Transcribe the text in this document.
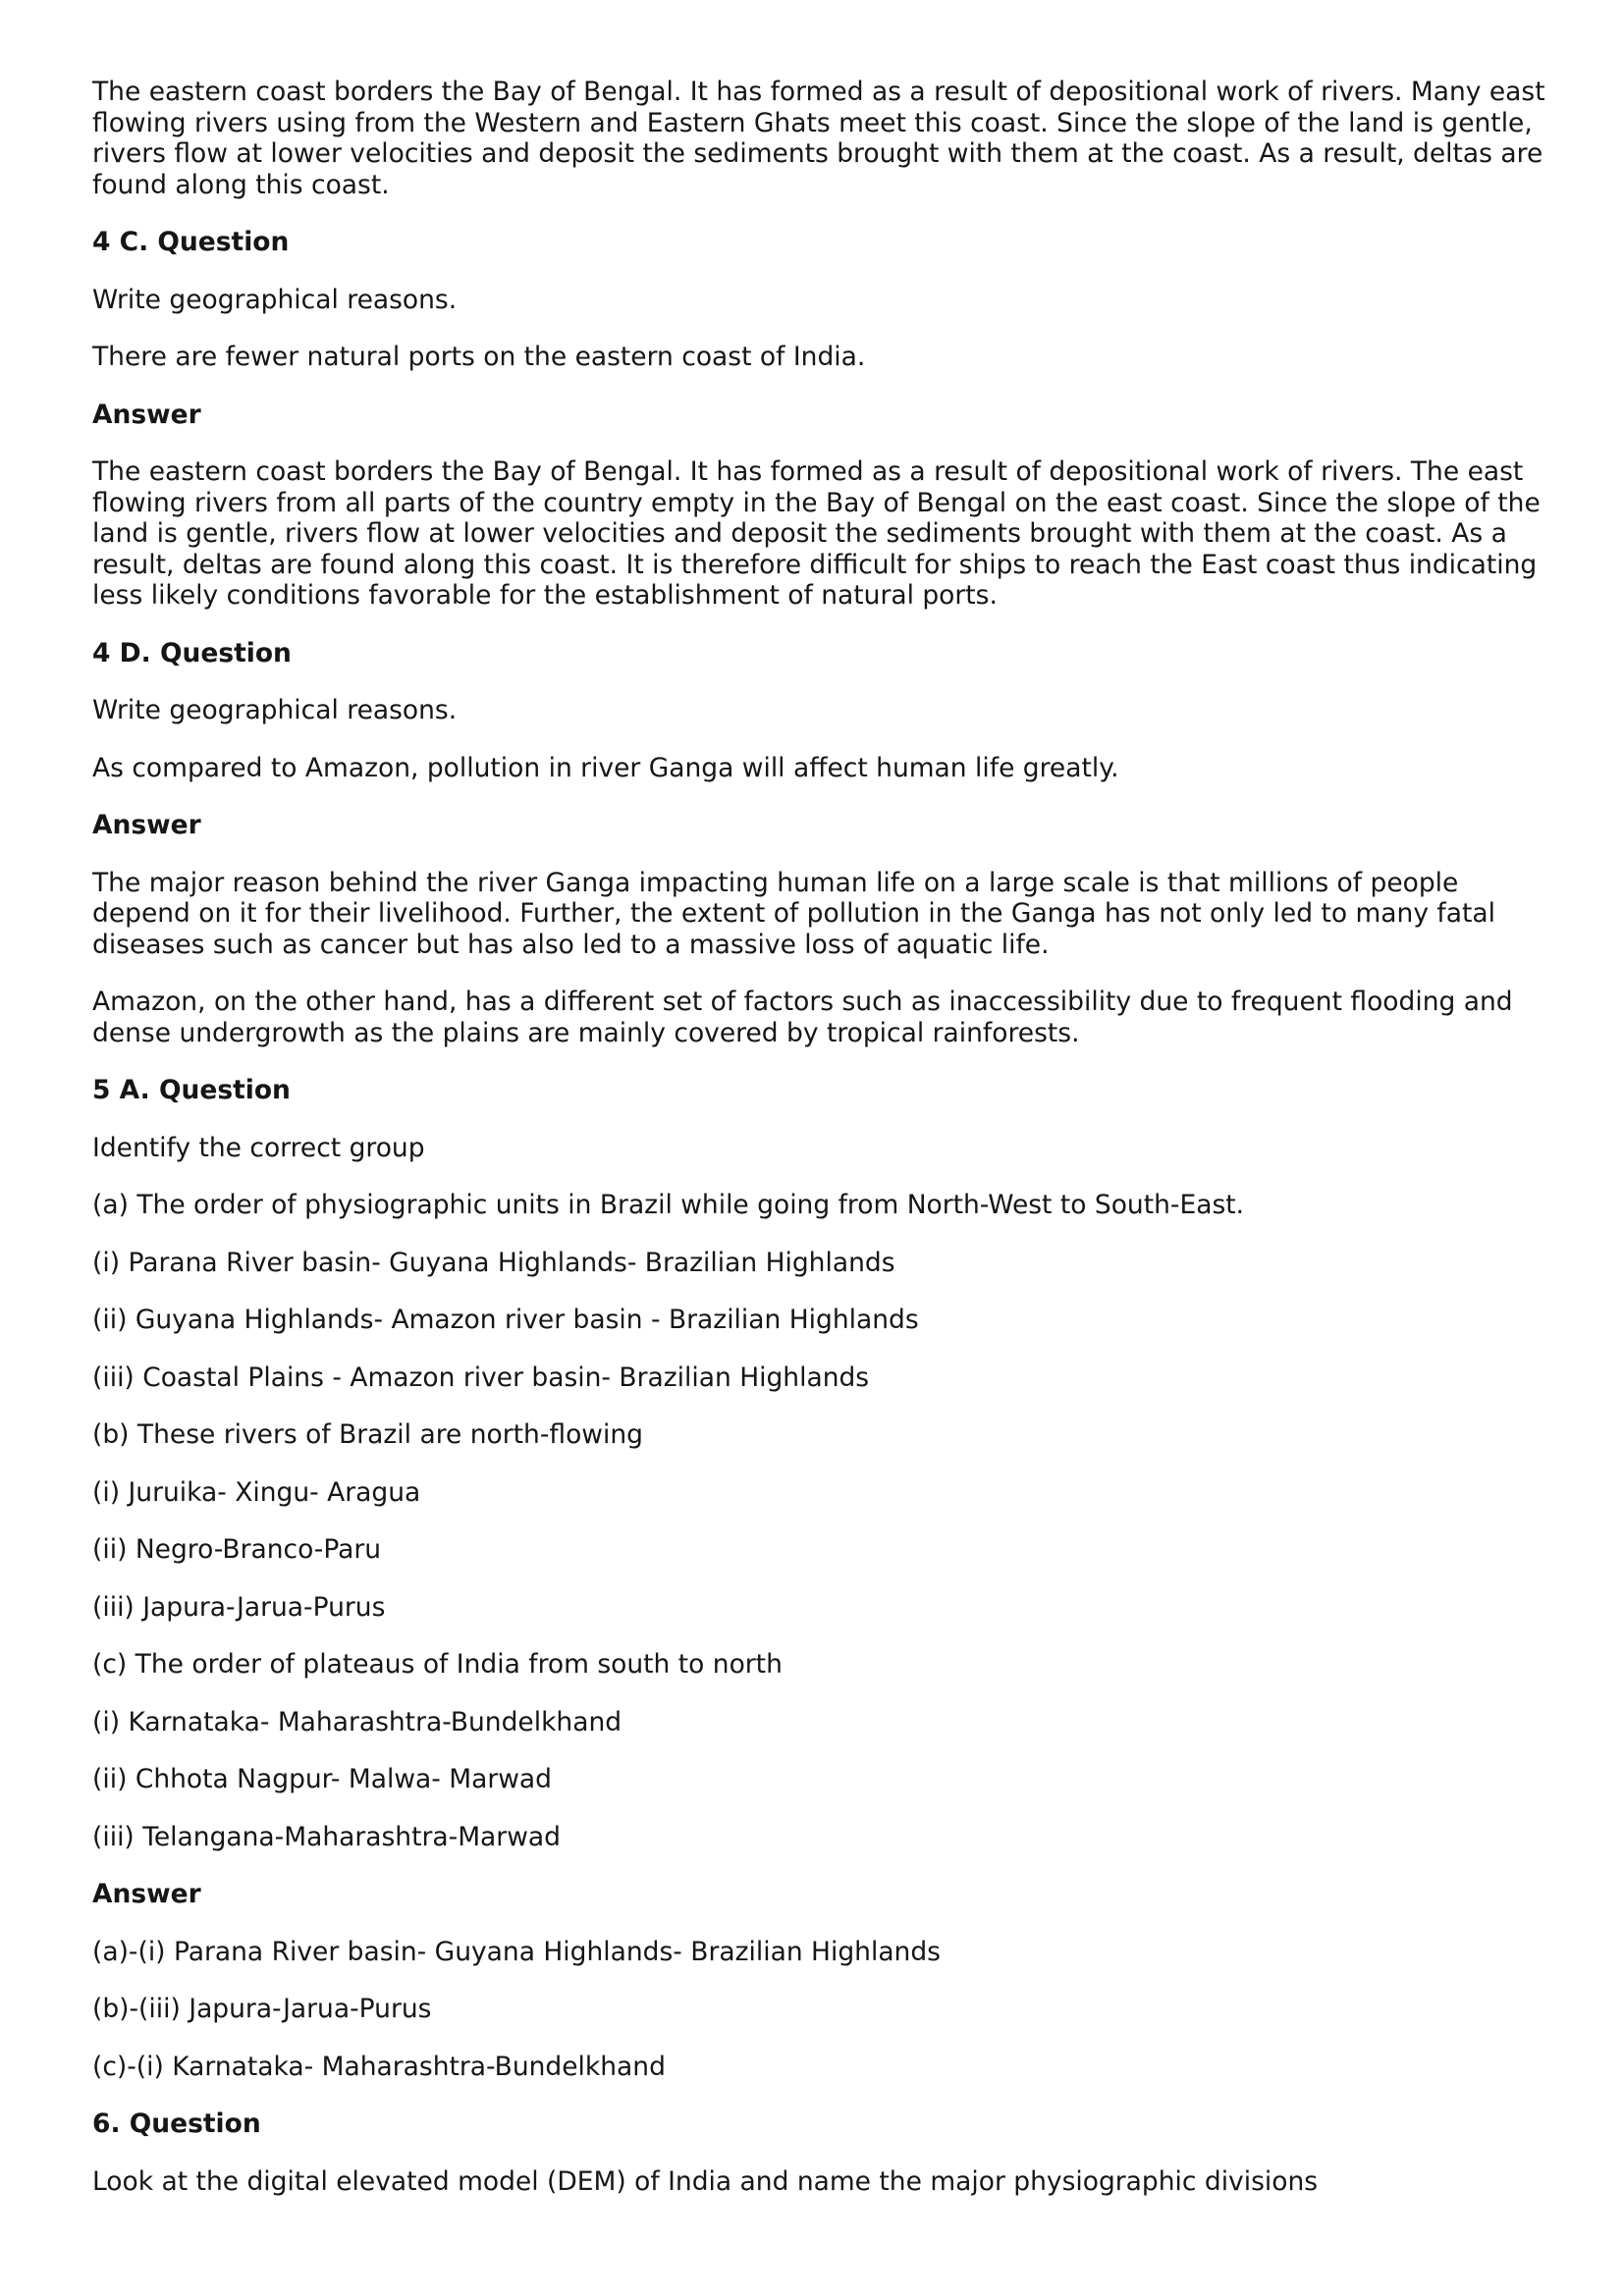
The eastern coast borders the Bay of Bengal. It has formed as a result of depositional work of rivers. Many east flowing rivers using from the Western and Eastern Ghats meet this coast. Since the slope of the land is gentle, rivers flow at lower velocities and deposit the sediments brought with them at the coast. As a result, deltas are found along this coast.

4 C. Question

Write geographical reasons.

There are fewer natural ports on the eastern coast of India.

Answer

The eastern coast borders the Bay of Bengal. It has formed as a result of depositional work of rivers. The east flowing rivers from all parts of the country empty in the Bay of Bengal on the east coast. Since the slope of the land is gentle, rivers flow at lower velocities and deposit the sediments brought with them at the coast. As a result, deltas are found along this coast. It is therefore difficult for ships to reach the East coast thus indicating less likely conditions favorable for the establishment of natural ports.

4 D. Question

Write geographical reasons.

As compared to Amazon, pollution in river Ganga will affect human life greatly.

Answer

The major reason behind the river Ganga impacting human life on a large scale is that millions of people depend on it for their livelihood. Further, the extent of pollution in the Ganga has not only led to many fatal diseases such as cancer but has also led to a massive loss of aquatic life.

Amazon, on the other hand, has a different set of factors such as inaccessibility due to frequent flooding and dense undergrowth as the plains are mainly covered by tropical rainforests.

5 A. Question

Identify the correct group

(a) The order of physiographic units in Brazil while going from North-West to South-East.

(i) Parana River basin- Guyana Highlands- Brazilian Highlands

(ii) Guyana Highlands- Amazon river basin - Brazilian Highlands

(iii) Coastal Plains - Amazon river basin- Brazilian Highlands

(b) These rivers of Brazil are north-flowing

(i) Juruika- Xingu- Aragua

(ii) Negro-Branco-Paru

(iii) Japura-Jarua-Purus

(c) The order of plateaus of India from south to north

(i) Karnataka- Maharashtra-Bundelkhand

(ii) Chhota Nagpur- Malwa- Marwad

(iii) Telangana-Maharashtra-Marwad

Answer

(a)-(i) Parana River basin- Guyana Highlands- Brazilian Highlands

(b)-(iii) Japura-Jarua-Purus

(c)-(i) Karnataka- Maharashtra-Bundelkhand

6. Question

Look at the digital elevated model (DEM) of India and name the major physiographic divisions
